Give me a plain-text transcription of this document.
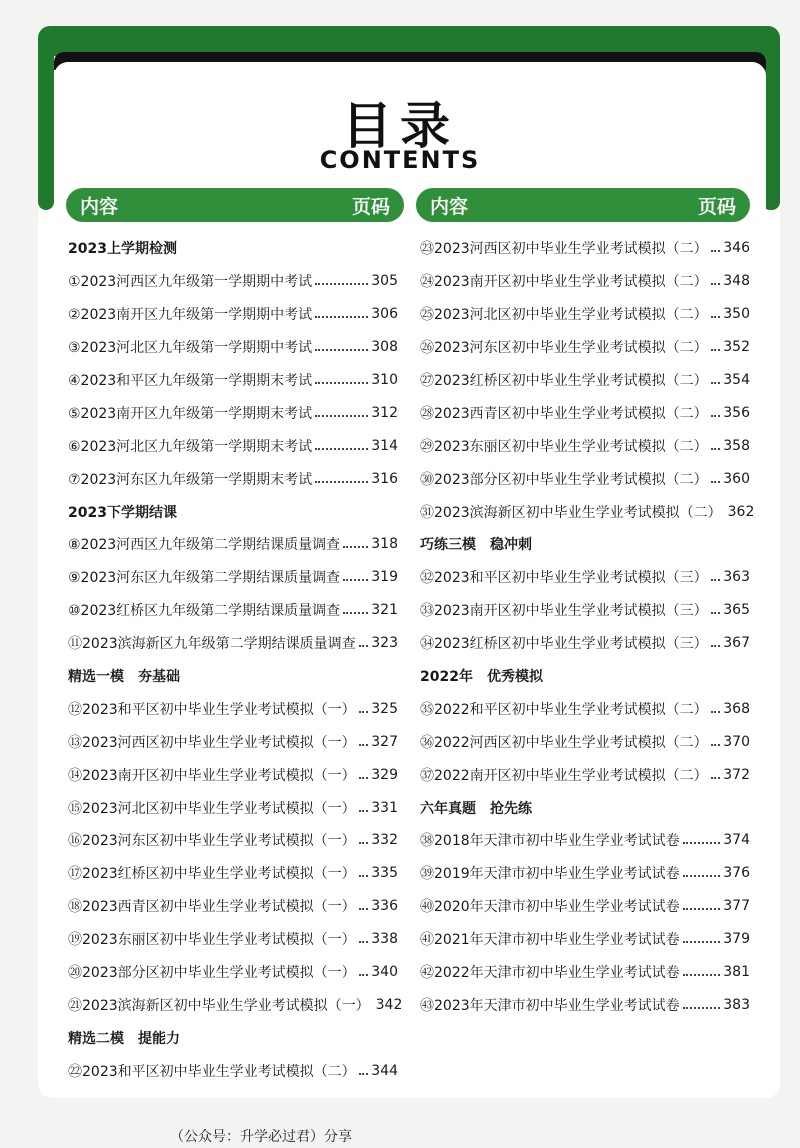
目录
CONTENTS
内容	页码 内容	页码
2023上学期检测
①2023河西区九年级第一学期期中考试	305
②2023南开区九年级第一学期期中考试	306
③2023河北区九年级第一学期期中考试	308
④2023和平区九年级第一学期期末考试	310
⑤2023南开区九年级第一学期期末考试	312
⑥2023河北区九年级第一学期期末考试	314
⑦2023河东区九年级第一学期期末考试	316
2023下学期结课
⑧2023河西区九年级第二学期结课质量调查 318
⑨2023河东区九年级第二学期结课质量调查 319
⑩2023红桥区九年级第二学期结课质量调查 321
⑪2023滨海新区九年级第二学期结课质量调查 323
精选一模　夯基础
⑫2023和平区初中毕业生学业考试模拟（一） 325
⑬2023河西区初中毕业生学业考试模拟（一） 327
⑭2023南开区初中毕业生学业考试模拟（一） 329
⑮2023河北区初中毕业生学业考试模拟（一） 331
⑯2023河东区初中毕业生学业考试模拟（一） 332
⑰2023红桥区初中毕业生学业考试模拟（一） 335
⑱2023西青区初中毕业生学业考试模拟（一） 336
⑲2023东丽区初中毕业生学业考试模拟（一） 338
⑳2023部分区初中毕业生学业考试模拟（一） 340
㉑2023滨海新区初中毕业生学业考试模拟（一） 342
精选二模　提能力
㉒2023和平区初中毕业生学业考试模拟（二） 344
㉓2023河西区初中毕业生学业考试模拟（二） 346
㉔2023南开区初中毕业生学业考试模拟（二） 348
㉕2023河北区初中毕业生学业考试模拟（二） 350
㉖2023河东区初中毕业生学业考试模拟（二） 352
㉗2023红桥区初中毕业生学业考试模拟（二） 354
㉘2023西青区初中毕业生学业考试模拟（二） 356
㉙2023东丽区初中毕业生学业考试模拟（二） 358
㉚2023部分区初中毕业生学业考试模拟（二） 360
㉛2023滨海新区初中毕业生学业考试模拟（二） 362
巧练三模　稳冲刺
㉜2023和平区初中毕业生学业考试模拟（三） 363
㉝2023南开区初中毕业生学业考试模拟（三） 365
㉞2023红桥区初中毕业生学业考试模拟（三） 367
2022年　优秀模拟
㉟2022和平区初中毕业生学业考试模拟（二） 368
㊱2022河西区初中毕业生学业考试模拟（二） 370
㊲2022南开区初中毕业生学业考试模拟（二） 372
六年真题　抢先练
㊳2018年天津市初中毕业生学业考试试卷	374
㊴2019年天津市初中毕业生学业考试试卷	376
㊵2020年天津市初中毕业生学业考试试卷	377
㊶2021年天津市初中毕业生学业考试试卷	379
㊷2022年天津市初中毕业生学业考试试卷	381
㊸2023年天津市初中毕业生学业考试试卷	383
（公众号：升学必过君）分享
